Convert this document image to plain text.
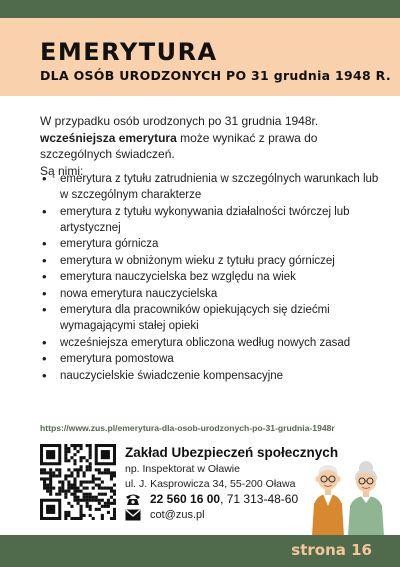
EMERYTURA
DLA OSÓB URODZONYCH PO 31 grudnia 1948 R.
W przypadku osób urodzonych po 31 grudnia 1948r. wcześniejsza emerytura może wynikać z prawa do szczególnych świadczeń.
Są nimi:
• emerytura z tytułu zatrudnienia w szczególnych warunkach lub w szczególnym charakterze
• emerytura z tytułu wykonywania działalności twórczej lub artystycznej
• emerytura górnicza
• emerytura w obniżonym wieku z tytułu pracy górniczej
• emerytura nauczycielska bez względu na wiek
• nowa emerytura nauczycielska
• emerytura dla pracowników opiekujących się dziećmi wymagającymi stałej opieki
• wcześniejsza emerytura obliczona według nowych zasad
• emerytura pomostowa
• nauczycielskie świadczenie kompensacyjne
https://www.zus.pl/emerytura-dla-osob-urodzonych-po-31-grudnia-1948r
Zakład Ubezpieczeń społecznych
np. Inspektorat w Oławie
ul. J. Kasprowicza 34, 55-200 Oława
22 560 16 00, 71 313-48-60
cot@zus.pl
strona 16
